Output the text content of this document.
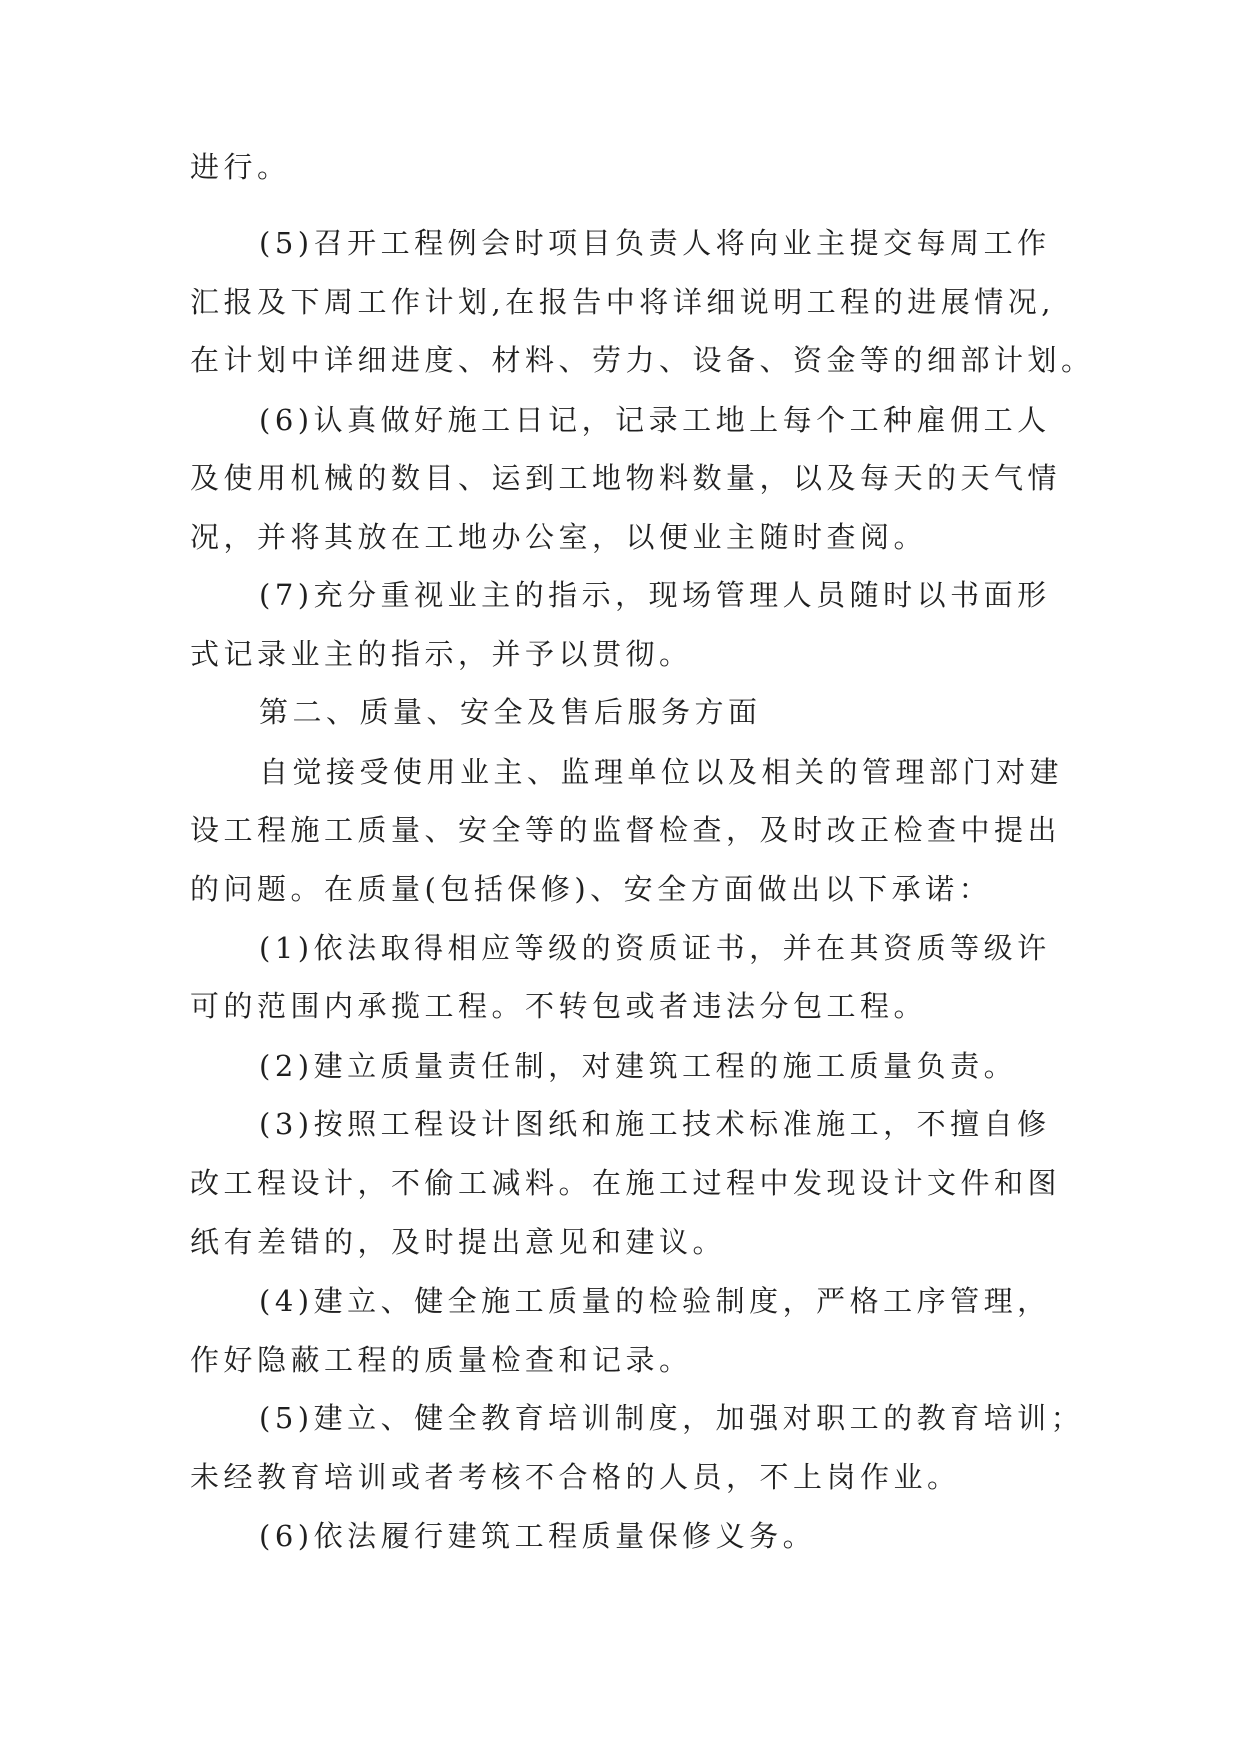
进行。
(5)召开工程例会时项目负责人将向业主提交每周工作
汇报及下周工作计划,在报告中将详细说明工程的进展情况,
在计划中详细进度、材料、劳力、设备、资金等的细部计划。
(6)认真做好施工日记，记录工地上每个工种雇佣工人
及使用机械的数目、运到工地物料数量，以及每天的天气情
况，并将其放在工地办公室，以便业主随时查阅。
(7)充分重视业主的指示，现场管理人员随时以书面形
式记录业主的指示，并予以贯彻。
第二、质量、安全及售后服务方面
自觉接受使用业主、监理单位以及相关的管理部门对建
设工程施工质量、安全等的监督检查，及时改正检查中提出
的问题。在质量(包括保修)、安全方面做出以下承诺：
(1)依法取得相应等级的资质证书，并在其资质等级许
可的范围内承揽工程。不转包或者违法分包工程。
(2)建立质量责任制，对建筑工程的施工质量负责。
(3)按照工程设计图纸和施工技术标准施工，不擅自修
改工程设计，不偷工减料。在施工过程中发现设计文件和图
纸有差错的，及时提出意见和建议。
(4)建立、健全施工质量的检验制度，严格工序管理，
作好隐蔽工程的质量检查和记录。
(5)建立、健全教育培训制度，加强对职工的教育培训；
未经教育培训或者考核不合格的人员，不上岗作业。
(6)依法履行建筑工程质量保修义务。
